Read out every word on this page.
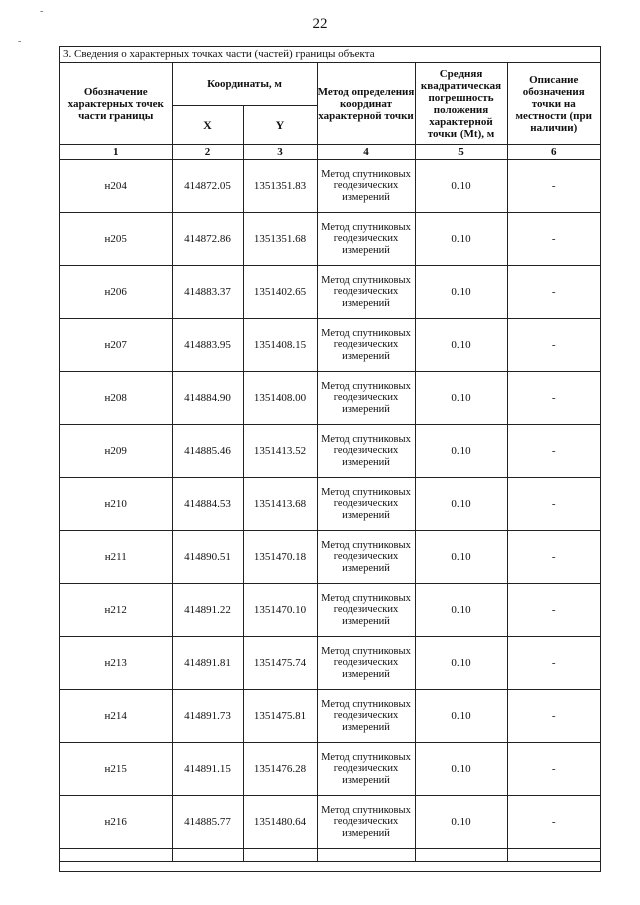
-
-
22
3. Сведения о характерных точках части (частей) границы объекта
Обозначение характерных точек части границы	Координаты, м		Метод определения координат характерной точки	Средняя квадратическая погрешность положения характерной точки (Mt), м	Описание обозначения точки на местности (при наличии)
	X	Y			
1	2	3	4	5	6
н204	414872.05	1351351.83	Метод спутниковых геодезических измерений	0.10	-
н205	414872.86	1351351.68	Метод спутниковых геодезических измерений	0.10	-
н206	414883.37	1351402.65	Метод спутниковых геодезических измерений	0.10	-
н207	414883.95	1351408.15	Метод спутниковых геодезических измерений	0.10	-
н208	414884.90	1351408.00	Метод спутниковых геодезических измерений	0.10	-
н209	414885.46	1351413.52	Метод спутниковых геодезических измерений	0.10	-
н210	414884.53	1351413.68	Метод спутниковых геодезических измерений	0.10	-
н211	414890.51	1351470.18	Метод спутниковых геодезических измерений	0.10	-
н212	414891.22	1351470.10	Метод спутниковых геодезических измерений	0.10	-
н213	414891.81	1351475.74	Метод спутниковых геодезических измерений	0.10	-
н214	414891.73	1351475.81	Метод спутниковых геодезических измерений	0.10	-
н215	414891.15	1351476.28	Метод спутниковых геодезических измерений	0.10	-
н216	414885.77	1351480.64	Метод спутниковых геодезических измерений	0.10	-
